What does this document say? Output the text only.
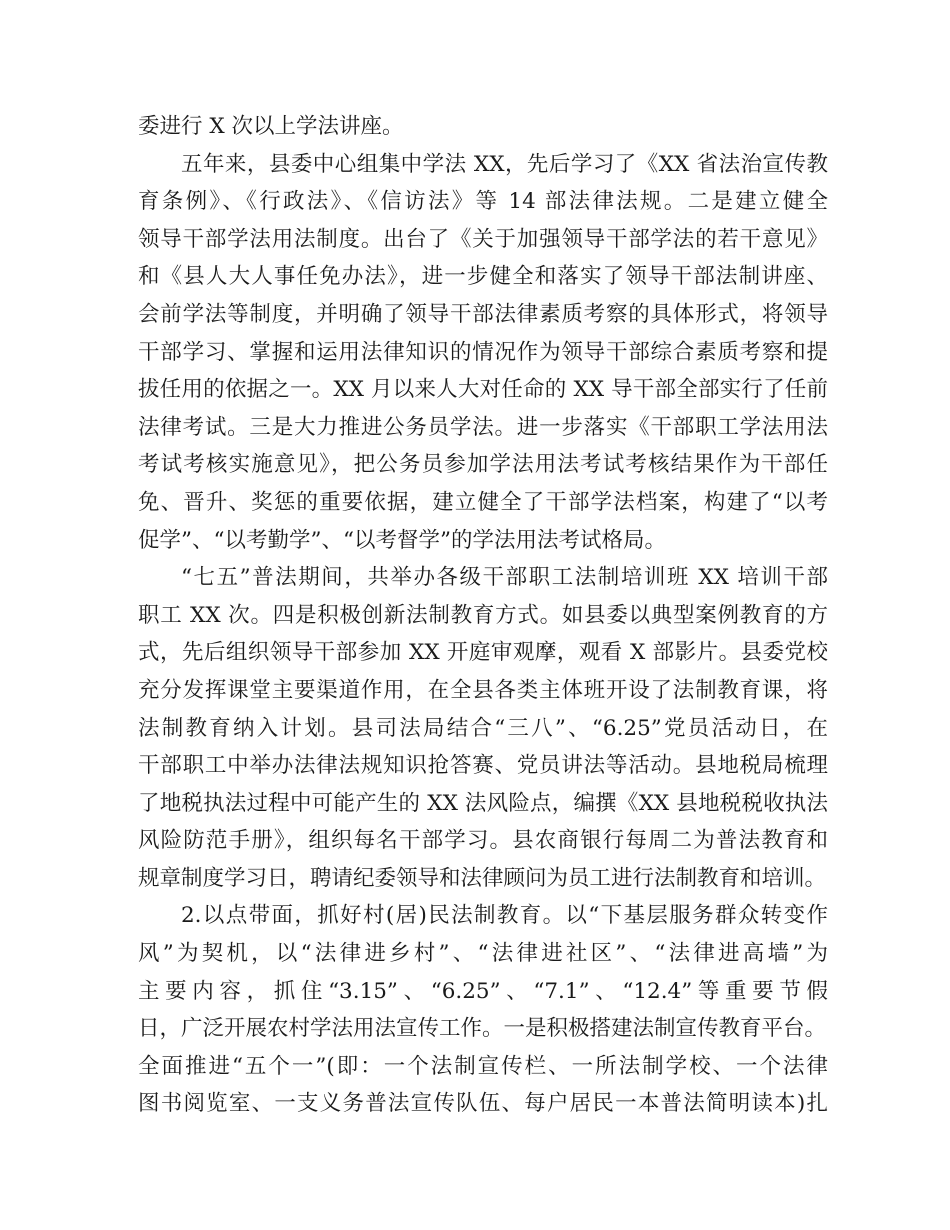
委进行 X 次以上学法讲座。
五年来，县委中心组集中学法 XX，先后学习了《XX 省法治宣传教
育条例》、《行政法》、《信访法》等 14 部法律法规。二是建立健全
领导干部学法用法制度。出台了《关于加强领导干部学法的若干意见》
和《县人大人事任免办法》，进一步健全和落实了领导干部法制讲座、
会前学法等制度，并明确了领导干部法律素质考察的具体形式，将领导
干部学习、掌握和运用法律知识的情况作为领导干部综合素质考察和提
拔任用的依据之一。XX 月以来人大对任命的 XX 导干部全部实行了任前
法律考试。三是大力推进公务员学法。进一步落实《干部职工学法用法
考试考核实施意见》，把公务员参加学法用法考试考核结果作为干部任
免、晋升、奖惩的重要依据，建立健全了干部学法档案，构建了“以考
促学”、“以考勤学”、“以考督学”的学法用法考试格局。
“七五”普法期间，共举办各级干部职工法制培训班 XX 培训干部
职工 XX 次。四是积极创新法制教育方式。如县委以典型案例教育的方
式，先后组织领导干部参加 XX 开庭审观摩，观看 X 部影片。县委党校
充分发挥课堂主要渠道作用，在全县各类主体班开设了法制教育课，将
法制教育纳入计划。县司法局结合“三八”、“6.25”党员活动日，在
干部职工中举办法律法规知识抢答赛、党员讲法等活动。县地税局梳理
了地税执法过程中可能产生的 XX 法风险点，编撰《XX 县地税税收执法
风险防范手册》，组织每名干部学习。县农商银行每周二为普法教育和
规章制度学习日，聘请纪委领导和法律顾问为员工进行法制教育和培训。
2.以点带面，抓好村(居)民法制教育。以“下基层服务群众转变作
风”为契机，以“法律进乡村”、“法律进社区”、“法律进高墙”为
主要内容，抓住“3.15”、“6.25”、“7.1”、“12.4”等重要节假
日，广泛开展农村学法用法宣传工作。一是积极搭建法制宣传教育平台。
全面推进“五个一”(即：一个法制宣传栏、一所法制学校、一个法律
图书阅览室、一支义务普法宣传队伍、每户居民一本普法简明读本)扎
